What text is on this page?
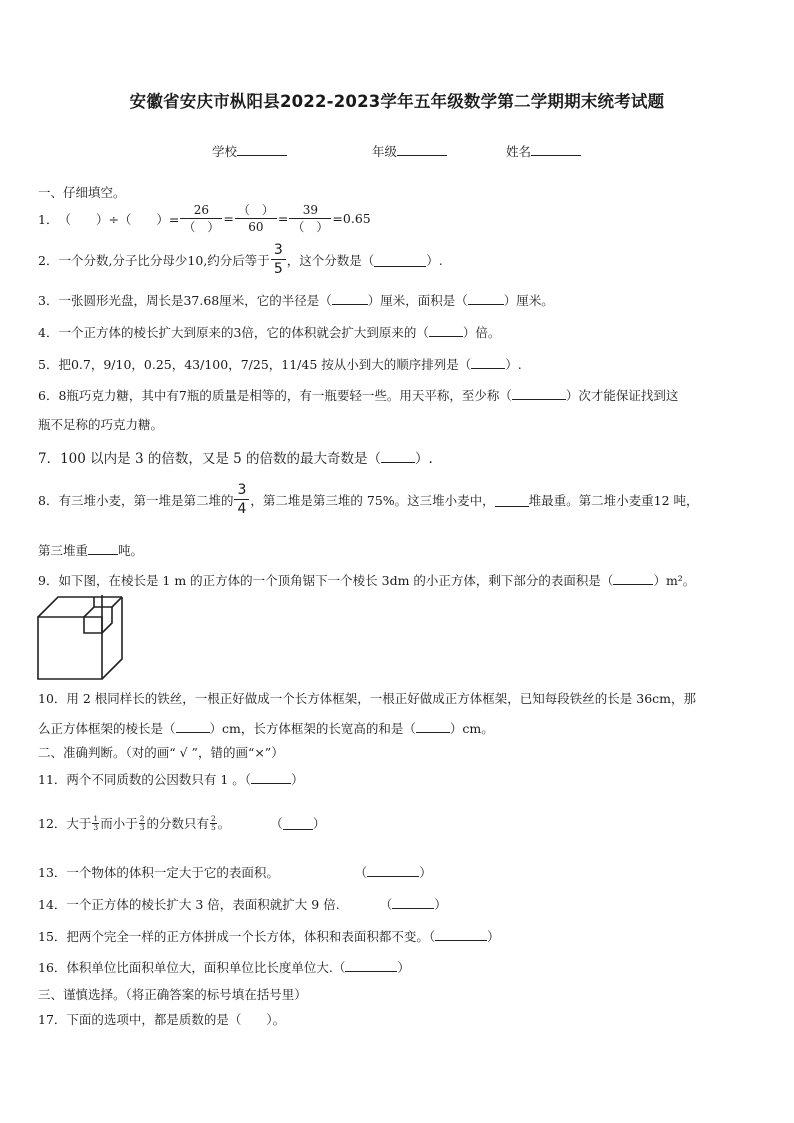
安徽省安庆市枞阳县2022-2023学年五年级数学第二学期期末统考试题
学校	年级	姓名
一、仔细填空。
1． （　　）÷（　　）= $\frac{26}{( )} = \frac{( )}{60} = \frac{39}{( )} =0.65$
2．一个分数,分子比分母少10,约分后等于 $\frac{3}{5}$ ，这个分数是（	）.
3．一张圆形光盘，周长是37.68厘米，它的半径是（	）厘米，面积是（	）厘米。
4．一个正方体的棱长扩大到原来的3倍，它的体积就会扩大到原来的（	）倍。
5．把0.7，9/10，0.25，43/100，7/25，11/45 按从小到大的顺序排列是（	）.
6．8瓶巧克力糖，其中有7瓶的质量是相等的，有一瓶要轻一些。用天平称，至少称（	）次才能保证找到这
瓶不足称的巧克力糖。
7．100 以内是 3 的倍数，又是 5 的倍数的最大奇数是（	）.
8．有三堆小麦，第一堆是第二堆的 $\frac{3}{4}$ ，第二堆是第三堆的 75%。这三堆小麦中，	堆最重。第二堆小麦重12 吨，
第三堆重 吨。
9．如下图，在棱长是 1 m 的正方体的一个顶角锯下一个棱长 3dm 的小正方体，剩下部分的表面积是（	）m²。
10．用 2 根同样长的铁丝，一根正好做成一个长方体框架，一根正好做成正方体框架，已知每段铁丝的长是 36cm，那
么正方体框架的棱长是（	）cm，长方体框架的长宽高的和是（	）cm。
二、准确判断。（对的画“ √ ”，错的画“×”）
11．两个不同质数的公因数只有 1 。（	）
12．大于 $\frac{1}{3}$ 而小于 $\frac{2}{3}$ 的分数只有 $\frac{2}{5}$ 。	（ ）
13．一个物体的体积一定大于它的表面积。	（	）
14．一个正方体的棱长扩大 3 倍，表面积就扩大 9 倍.	（	）
15．把两个完全一样的正方体拼成一个长方体，体积和表面积都不变。（	）
16．体积单位比面积单位大，面积单位比长度单位大.（	）
三、谨慎选择。（将正确答案的标号填在括号里）
17．下面的选项中，都是质数的是（　　）。
